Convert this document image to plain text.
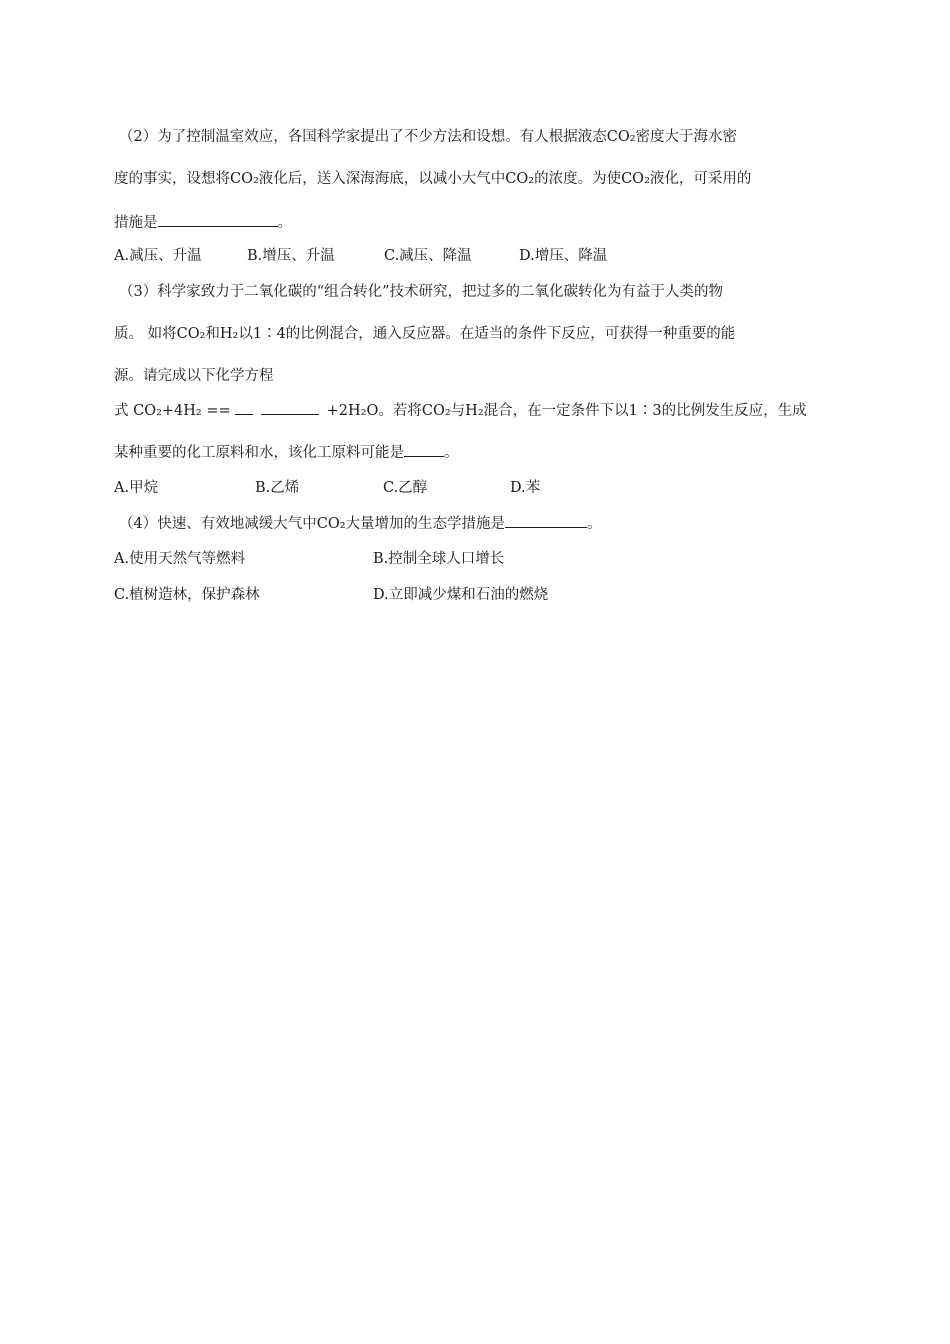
（2）为了控制温室效应，各国科学家提出了不少方法和设想。有人根据液态CO₂密度大于海水密
度的事实，设想将CO₂液化后，送入深海海底，以减小大气中CO₂的浓度。为使CO₂液化，可采用的
措施是	。
A.减压、升温	B.增压、升温	C.减压、降温	D.增压、降温
（3）科学家致力于二氧化碳的“组合转化”技术研究，把过多的二氧化碳转化为有益于人类的物
质。 如将CO₂和H₂以1∶4的比例混合，通入反应器。在适当的条件下反应，可获得一种重要的能
源。请完成以下化学方程
式 CO₂+4H₂ ==	+2H₂O。若将CO₂与H₂混合，在一定条件下以1∶3的比例发生反应，生成
某种重要的化工原料和水，该化工原料可能是	。
A.甲烷	B.乙烯	C.乙醇	D.苯
（4）快速、有效地减缓大气中CO₂大量增加的生态学措施是	。
A.使用天然气等燃料	B.控制全球人口增长
C.植树造林，保护森林	D.立即减少煤和石油的燃烧
